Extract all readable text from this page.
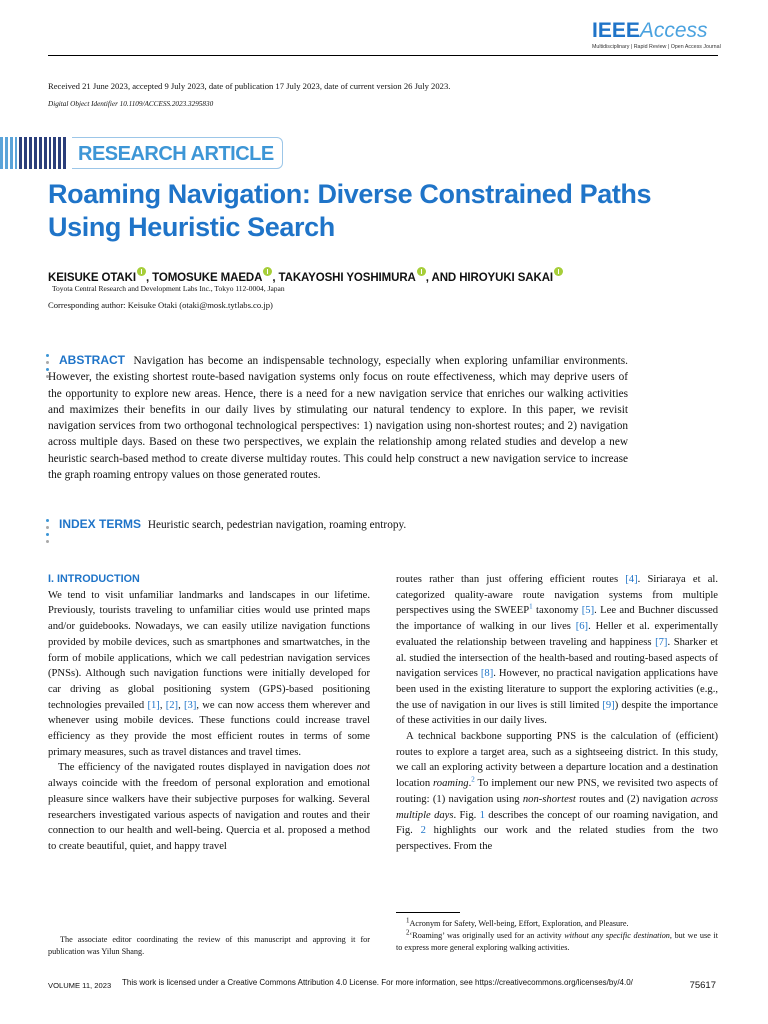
IEEEAccess
Multidisciplinary | Rapid Review | Open Access Journal
Received 21 June 2023, accepted 9 July 2023, date of publication 17 July 2023, date of current version 26 July 2023.
Digital Object Identifier 10.1109/ACCESS.2023.3295830
RESEARCH ARTICLE
Roaming Navigation: Diverse Constrained Paths
Using Heuristic Search
KEISUKE OTAKI , TOMOSUKE MAEDA , TAKAYOSHI YOSHIMURA , AND HIROYUKI SAKAI
Toyota Central Research and Development Labs Inc., Tokyo 112-0004, Japan
Corresponding author: Keisuke Otaki (otaki@mosk.tytlabs.co.jp)
ABSTRACT Navigation has become an indispensable technology, especially when exploring unfamiliar environments. However, the existing shortest route-based navigation systems only focus on route effectiveness, which may deprive users of the opportunity to explore new areas. Hence, there is a need for a new navigation service that enriches our walking activities and maximizes their benefits in our daily lives by stimulating our natural tendency to explore. In this paper, we revisit navigation services from two orthogonal technological perspectives: 1) navigation using non-shortest routes; and 2) navigation across multiple days. Based on these two perspectives, we explain the relationship among related studies and develop a new heuristic search-based method to create diverse multiday routes. This could help construct a new navigation service to increase the graph roaming entropy values on those generated routes.
INDEX TERMS Heuristic search, pedestrian navigation, roaming entropy.
I. INTRODUCTION

We tend to visit unfamiliar landmarks and landscapes in our lifetime. Previously, tourists traveling to unfamiliar cities would use printed maps and/or guidebooks. Nowadays, we can easily utilize navigation functions provided by mobile devices, such as smartphones and smartwatches, in the form of mobile applications, which we call pedestrian navigation services (PNSs). Although such navigation functions were initially developed for car driving as global positioning system (GPS)-based positioning technologies prevailed [1], [2], [3], we can now access them wherever and whenever using mobile devices. These functions could increase travel efficiency as they provide the most efficient routes in terms of some primary measures, such as travel distances and travel times.

The efficiency of the navigated routes displayed in navigation does not always coincide with the freedom of personal exploration and emotional pleasure since walkers have their subjective purposes for walking. Several researchers investigated various aspects of navigation and routes and their connection to our health and well-being. Quercia et al. proposed a method to create beautiful, quiet, and happy travel

routes rather than just offering efficient routes [4]. Siriaraya et al. categorized quality-aware route navigation systems from multiple perspectives using the SWEEP$^1$ taxonomy [5]. Lee and Buchner discussed the importance of walking in our lives [6]. Heller et al. experimentally evaluated the relationship between traveling and happiness [7]. Sharker et al. studied the intersection of the health-based and routing-based aspects of navigation services [8]. However, no practical navigation applications have been used in the existing literature to support the exploring activities (e.g., the use of navigation in our lives is still limited [9]) despite the importance of these activities in our daily lives.

A technical backbone supporting PNS is the calculation of (efficient) routes to explore a target area, such as a sightseeing district. In this study, we call an exploring activity between a departure location and a destination location roaming.$^2$ To implement our new PNS, we revisited two aspects of routing: (1) navigation using non-shortest routes and (2) navigation across multiple days. Fig. 1 describes the concept of our roaming navigation, and Fig. 2 highlights our work and the related studies from the two perspectives. From the

$^1$Acronym for Safety, Well-being, Effort, Exploration, and Pleasure.

$^2$‘Roaming’ was originally used for an activity without any specific destination, but we use it to express more general exploring walking activities.

The associate editor coordinating the review of this manuscript and approving it for publication was Yilun Shang.
VOLUME 11, 2023 This work is licensed under a Creative Commons Attribution 4.0 License. For more information, see https://creativecommons.org/licenses/by/4.0/	75617
